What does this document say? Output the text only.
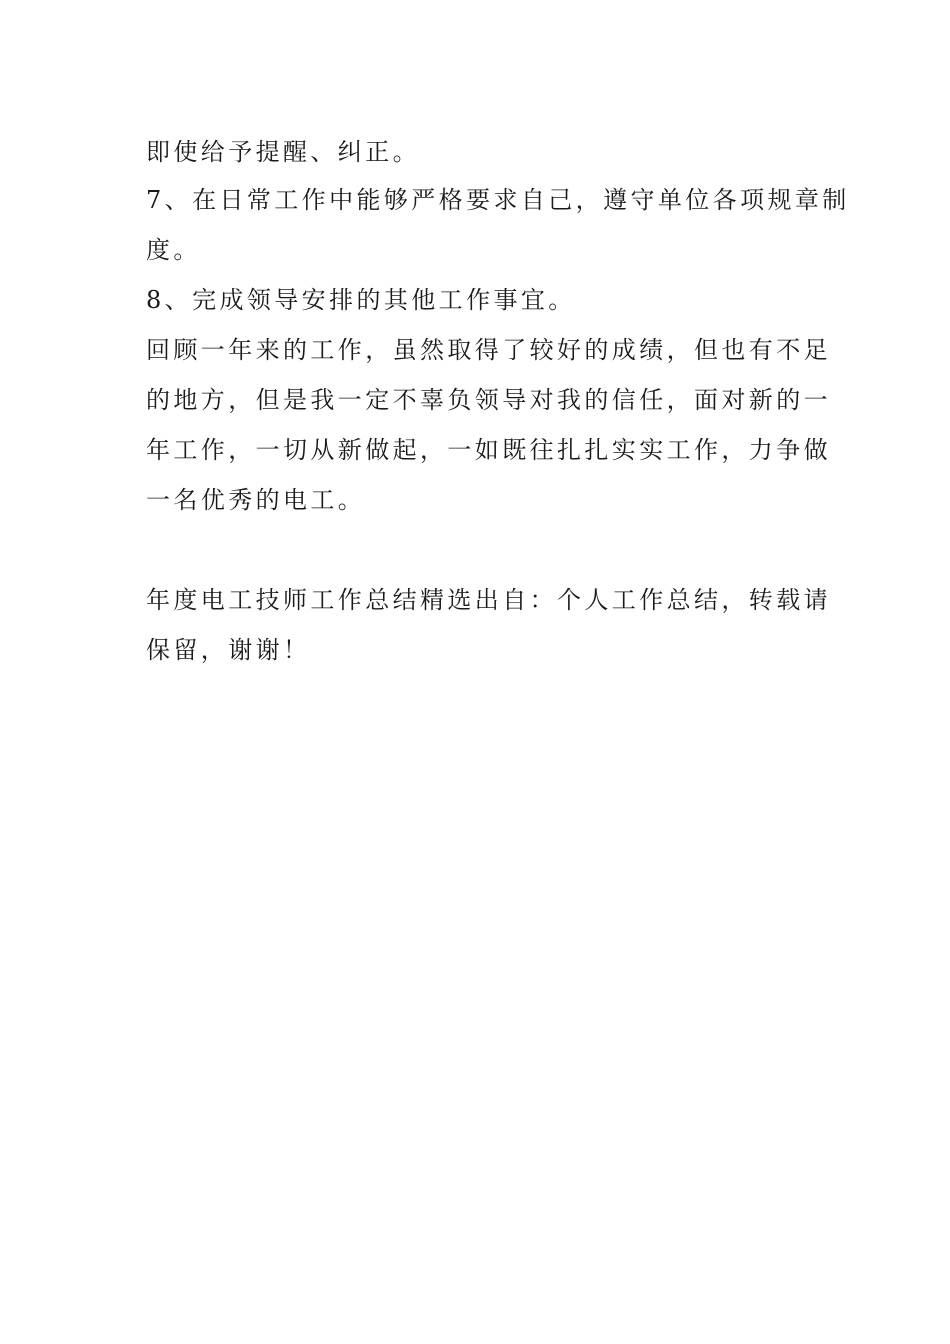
即使给予提醒、纠正。
7、在日常工作中能够严格要求自己，遵守单位各项规章制
度。
8、完成领导安排的其他工作事宜。
回顾一年来的工作，虽然取得了较好的成绩，但也有不足
的地方，但是我一定不辜负领导对我的信任，面对新的一
年工作，一切从新做起，一如既往扎扎实实工作，力争做
一名优秀的电工。
年度电工技师工作总结精选出自：个人工作总结，转载请
保留，谢谢！
